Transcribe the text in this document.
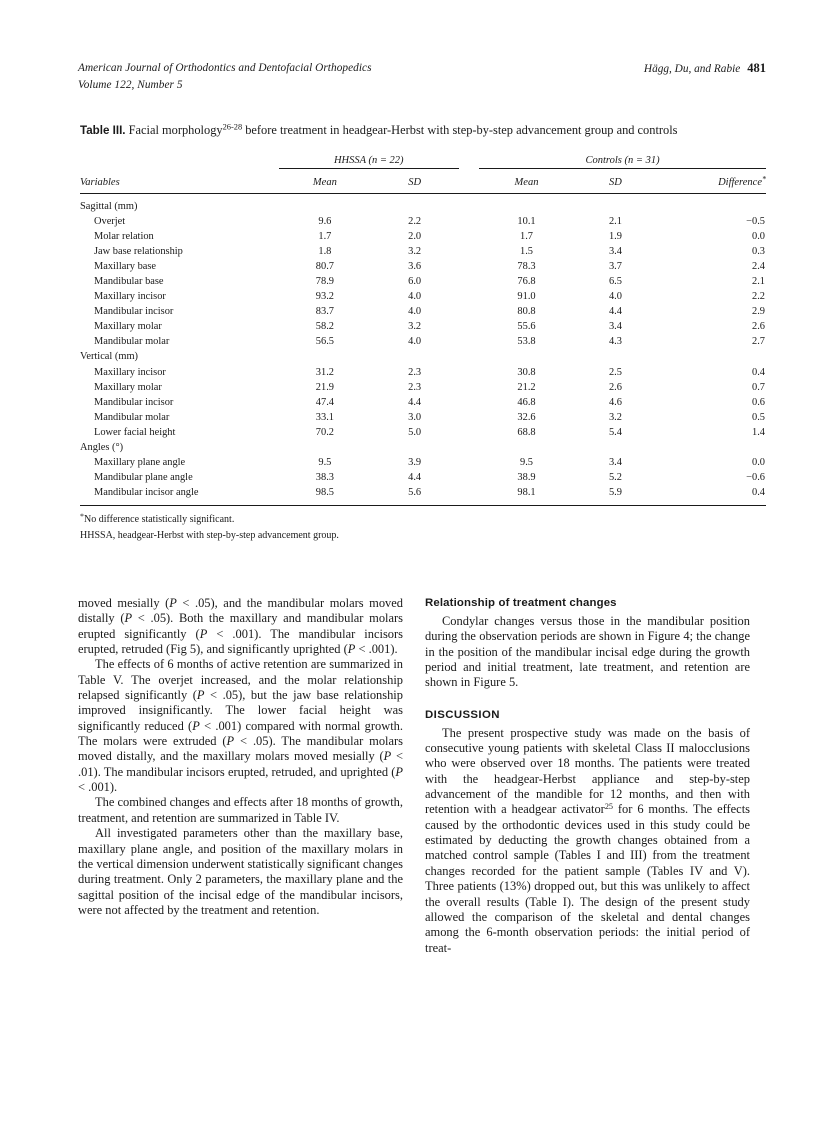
American Journal of Orthodontics and Dentofacial Orthopedics
Volume 122, Number 5
Hägg, Du, and Rabie 481
Table III. Facial morphology$^{26-28}$ before treatment in headgear-Herbst with step-by-step advancement group and controls
	HHSSA (n = 22)			Controls (n = 31)		
Variables	Mean	SD		Mean	SD	Difference*

Sagittal (mm)						
Overjet	9.6	2.2		10.1	2.1	−0.5
Molar relation	1.7	2.0		1.7	1.9	0.0
Jaw base relationship	1.8	3.2		1.5	3.4	0.3
Maxillary base	80.7	3.6		78.3	3.7	2.4
Mandibular base	78.9	6.0		76.8	6.5	2.1
Maxillary incisor	93.2	4.0		91.0	4.0	2.2
Mandibular incisor	83.7	4.0		80.8	4.4	2.9
Maxillary molar	58.2	3.2		55.6	3.4	2.6
Mandibular molar	56.5	4.0		53.8	4.3	2.7
Vertical (mm)						
Maxillary incisor	31.2	2.3		30.8	2.5	0.4
Maxillary molar	21.9	2.3		21.2	2.6	0.7
Mandibular incisor	47.4	4.4		46.8	4.6	0.6
Mandibular molar	33.1	3.0		32.6	3.2	0.5
Lower facial height	70.2	5.0		68.8	5.4	1.4
Angles (°)						
Maxillary plane angle	9.5	3.9		9.5	3.4	0.0
Mandibular plane angle	38.3	4.4		38.9	5.2	−0.6
Mandibular incisor angle	98.5	5.6		98.1	5.9	0.4
*No difference statistically significant.
HHSSA, headgear-Herbst with step-by-step advancement group.

moved mesially (P < .05), and the mandibular molars moved distally (P < .05). Both the maxillary and mandibular molars erupted significantly (P < .001). The mandibular incisors erupted, retruded (Fig 5), and significantly uprighted (P < .001).

The effects of 6 months of active retention are summarized in Table V. The overjet increased, and the molar relationship relapsed significantly (P < .05), but the jaw base relationship improved insignificantly. The lower facial height was significantly reduced (P < .001) compared with normal growth. The molars were extruded (P < .05). The mandibular molars moved distally, and the maxillary molars moved mesially (P < .01). The mandibular incisors erupted, retruded, and uprighted (P < .001).

The combined changes and effects after 18 months of growth, treatment, and retention are summarized in Table IV.

All investigated parameters other than the maxillary base, maxillary plane angle, and position of the maxillary molars in the vertical dimension underwent statistically significant changes during treatment. Only 2 parameters, the maxillary plane and the sagittal position of the incisal edge of the mandibular incisors, were not affected by the treatment and retention.

Relationship of treatment changes

Condylar changes versus those in the mandibular position during the observation periods are shown in Figure 4; the change in the position of the mandibular incisal edge during the growth period and initial treatment, late treatment, and retention are shown in Figure 5.

DISCUSSION

The present prospective study was made on the basis of consecutive young patients with skeletal Class II malocclusions who were observed over 18 months. The patients were treated with the headgear-Herbst appliance and step-by-step advancement of the mandible for 12 months, and then with retention with a headgear activator$^{25}$ for 6 months. The effects caused by the orthodontic devices used in this study could be estimated by deducting the growth changes obtained from a matched control sample (Tables I and III) from the treatment changes recorded for the patient sample (Tables IV and V). Three patients (13%) dropped out, but this was unlikely to affect the overall results (Table I). The design of the present study allowed the comparison of the skeletal and dental changes among the 6-month observation periods: the initial period of treat-
